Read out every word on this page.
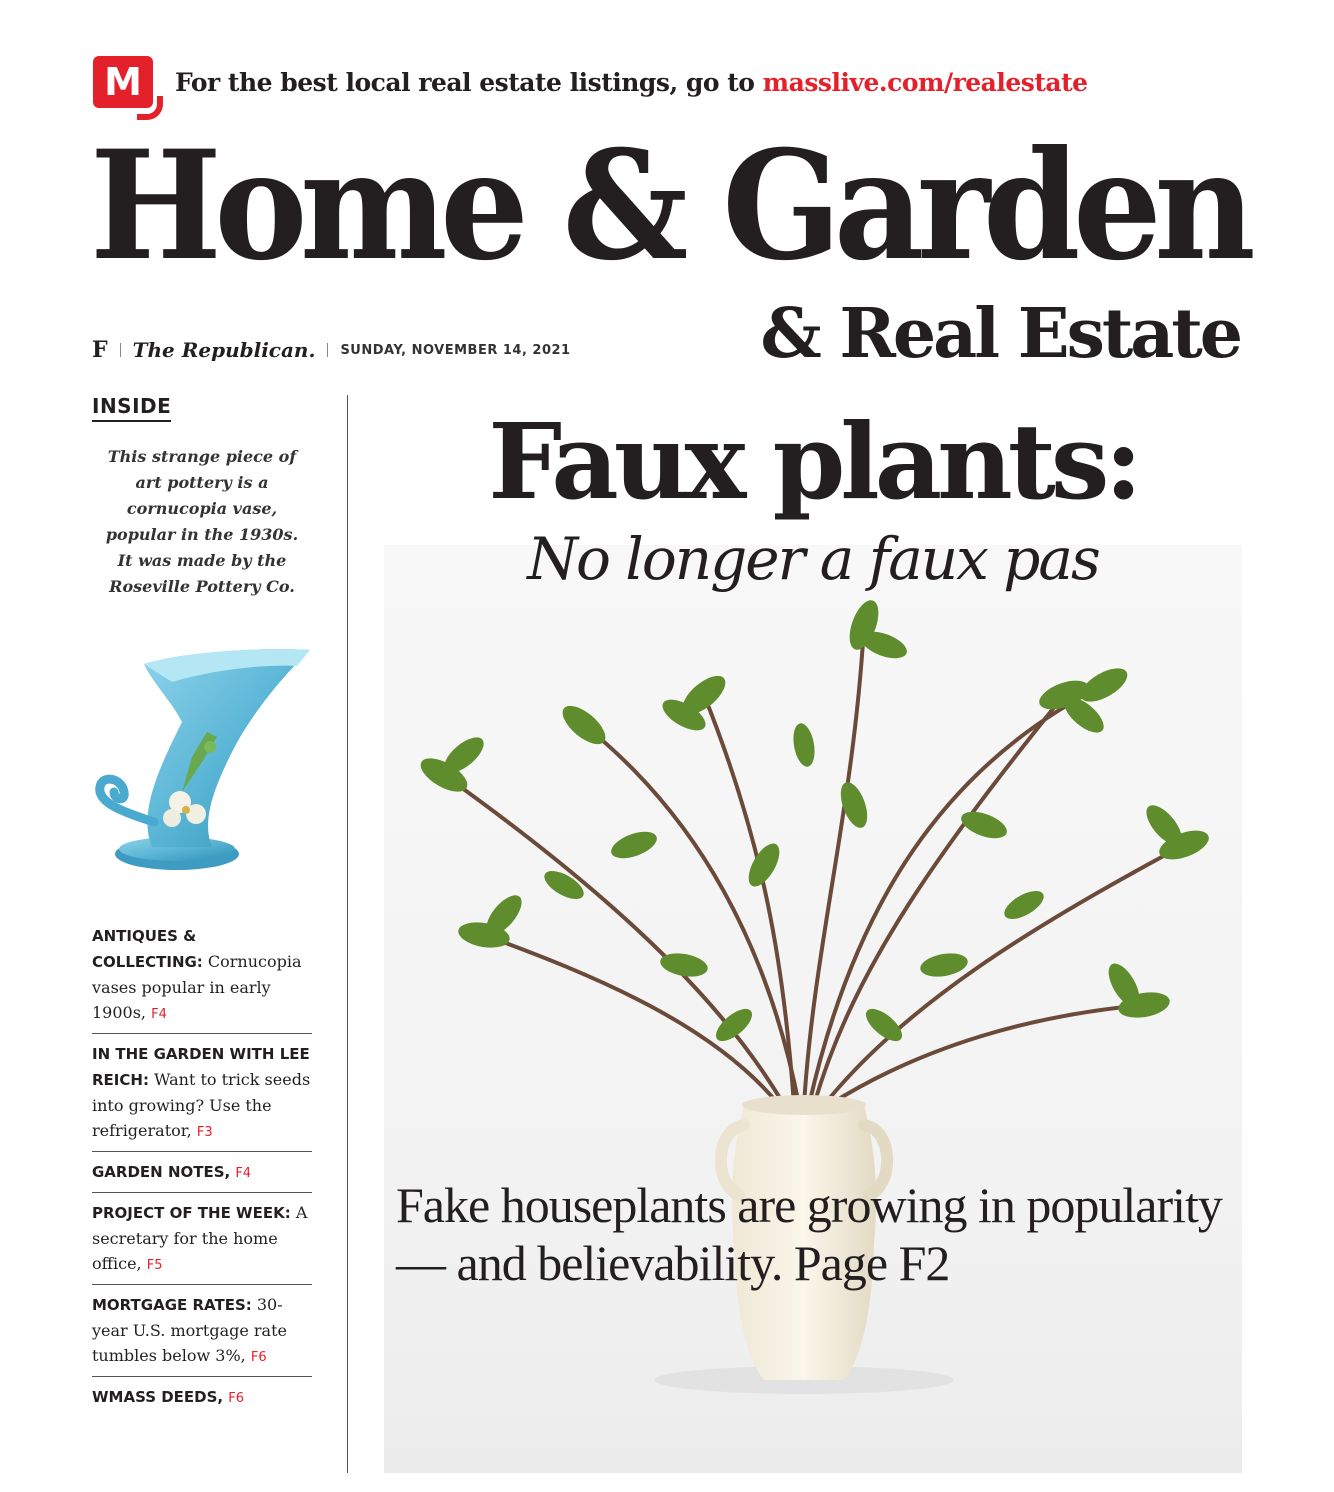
M	For the best local real estate listings, go to masslive.com/realestate
Home & Garden
& Real Estate
F The Republican. SUNDAY, NOVEMBER 14, 2021
INSIDE
This strange piece of art pottery is a cornucopia vase, popular in the 1930s. It was made by the Roseville Pottery Co.
ANTIQUES & COLLECTING: Cornucopia vases popular in early 1900s, F4
IN THE GARDEN WITH LEE REICH: Want to trick seeds into growing? Use the refrigerator, F3
GARDEN NOTES, F4
PROJECT OF THE WEEK: A secretary for the home office, F5
MORTGAGE RATES: 30-year U.S. mortgage rate tumbles below 3%, F6
WMASS DEEDS, F6
Faux plants:
No longer a faux pas
Fake houseplants are growing in popularity — and believability. Page F2
